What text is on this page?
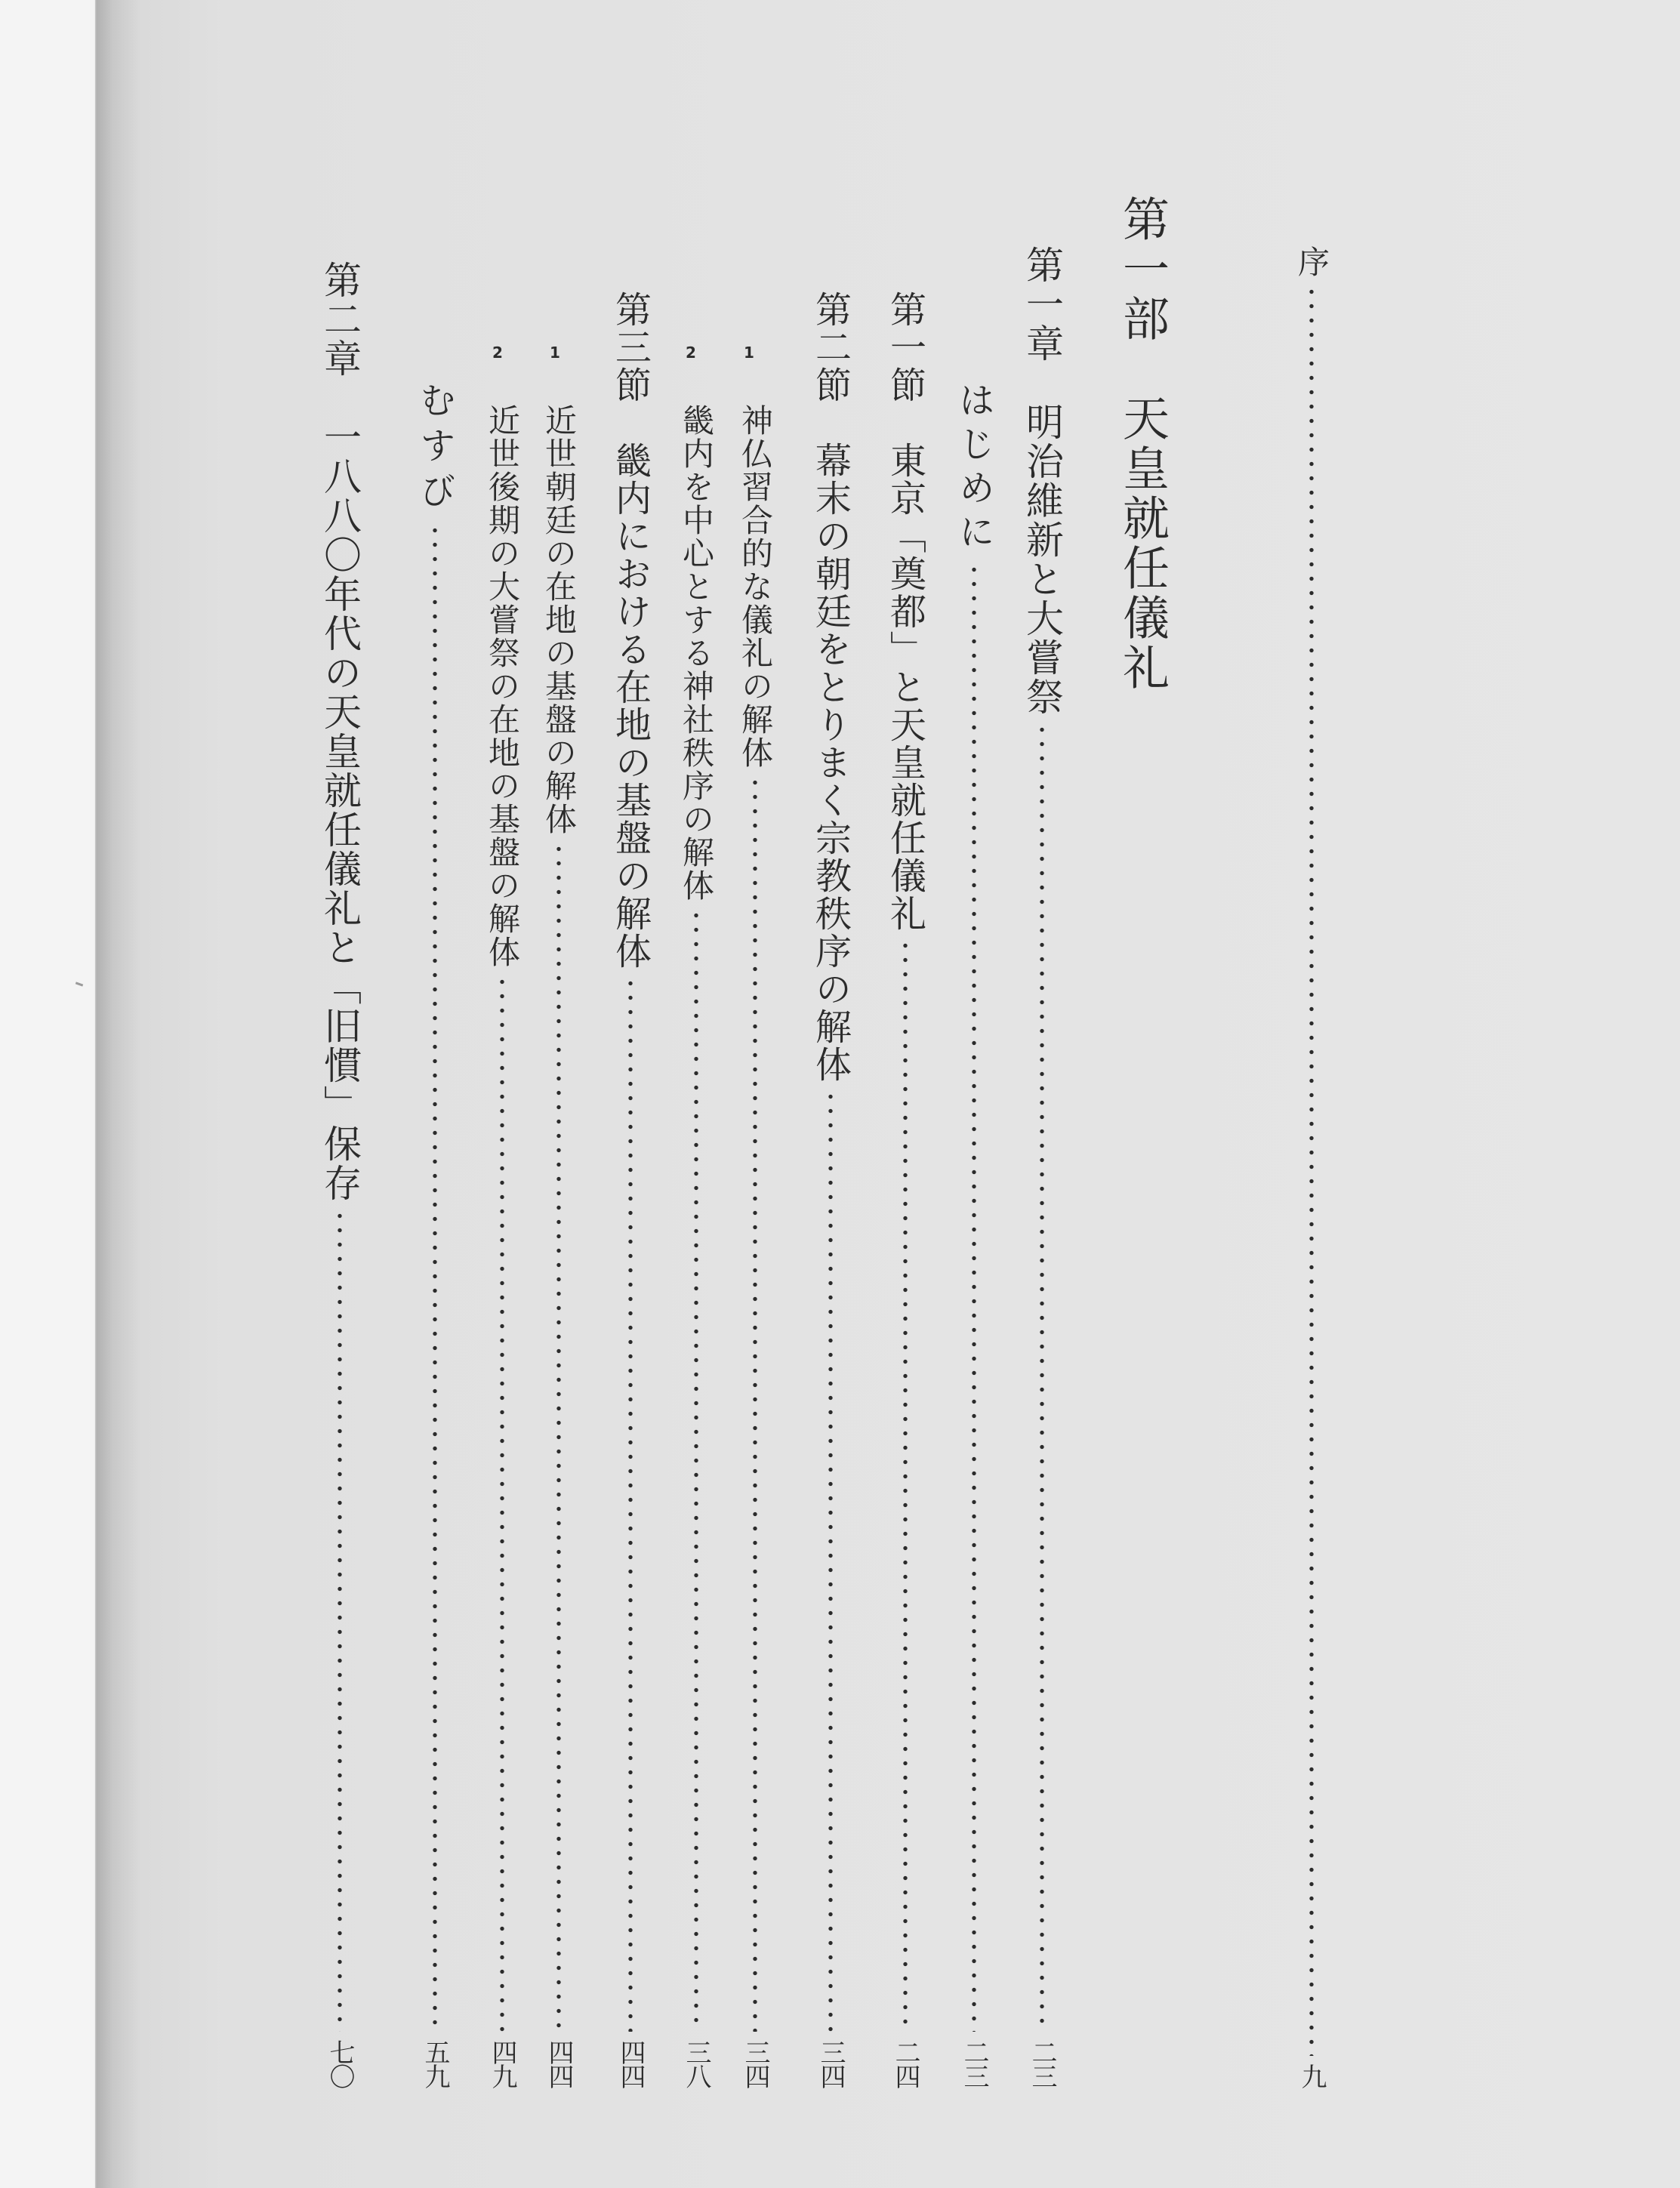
序
九
第一部　天皇就任儀礼
第一章　明治維新と大嘗祭
二三
はじめに
二三
第一節　東京「奠都」と天皇就任儀礼
二四
第二節　幕末の朝廷をとりまく宗教秩序の解体
三四
1
神仏習合的な儀礼の解体
三四
2
畿内を中心とする神社秩序の解体
三八
第三節　畿内における在地の基盤の解体
四四
1
近世朝廷の在地の基盤の解体
四四
2
近世後期の大嘗祭の在地の基盤の解体
四九
むすび
五九
第二章　一八八〇年代の天皇就任儀礼と「旧慣」保存
七〇
